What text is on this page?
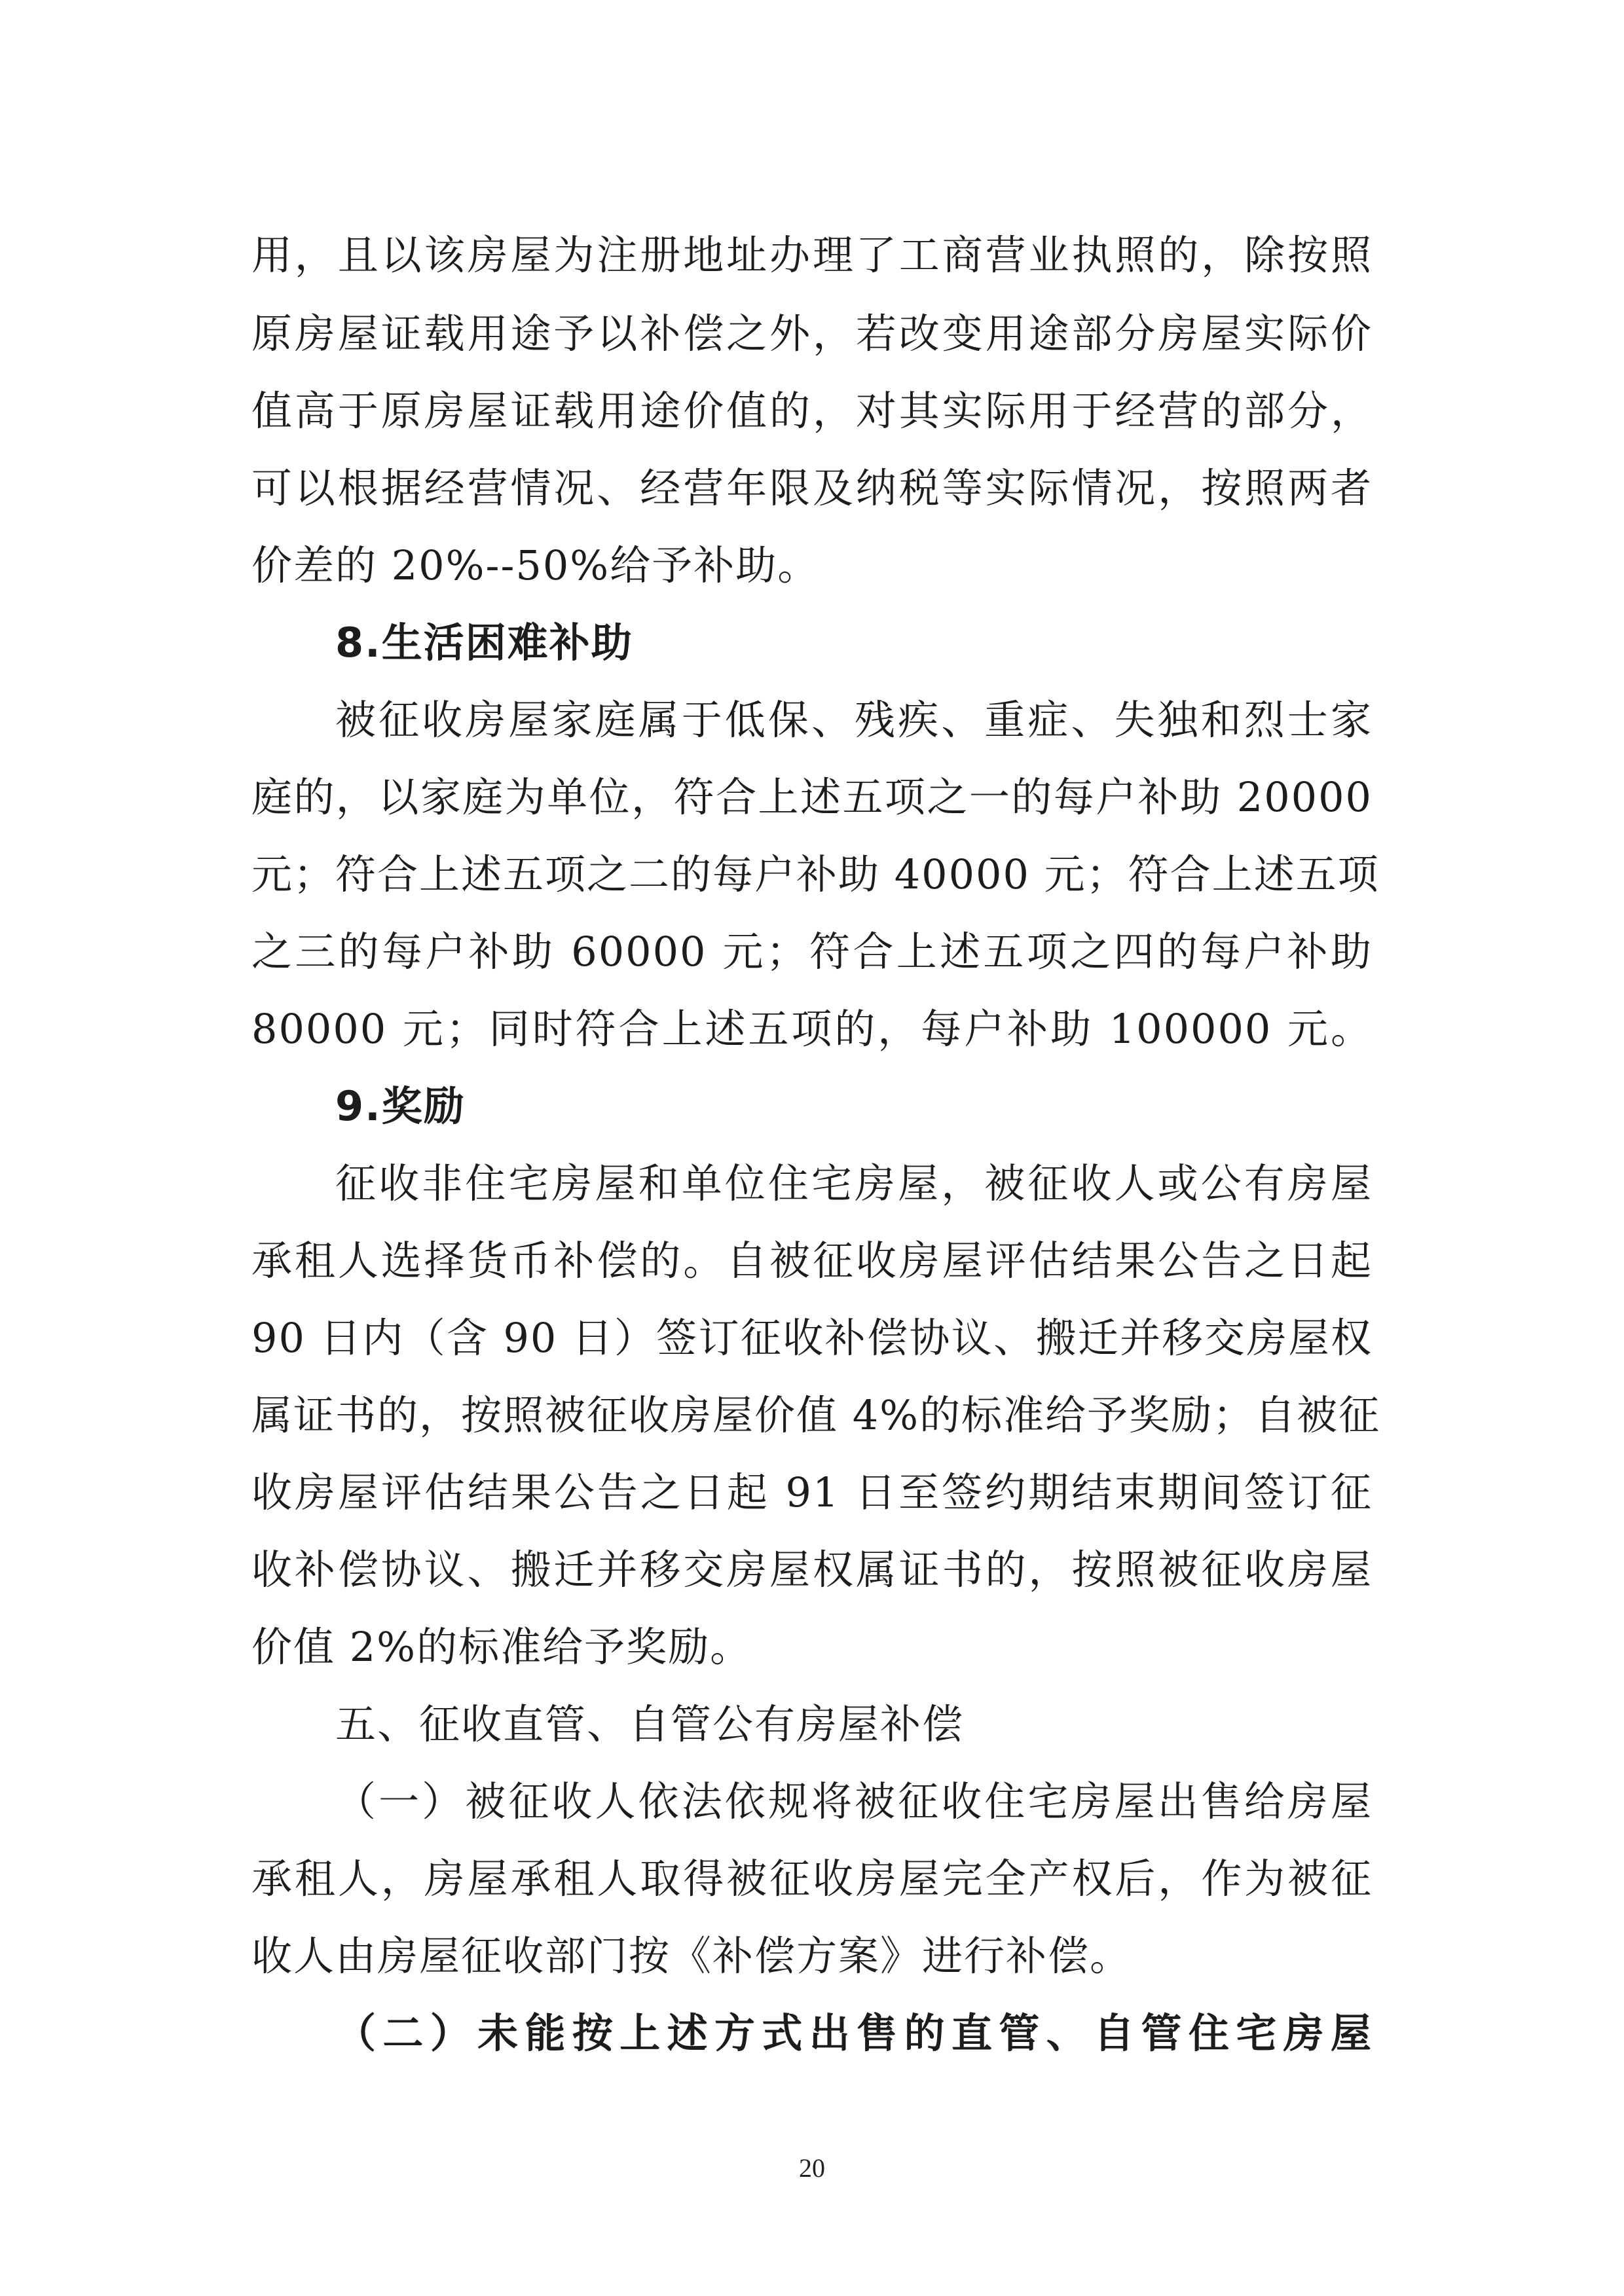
用，且以该房屋为注册地址办理了工商营业执照的，除按照

原房屋证载用途予以补偿之外，若改变用途部分房屋实际价

值高于原房屋证载用途价值的，对其实际用于经营的部分，

可以根据经营情况、经营年限及纳税等实际情况，按照两者

价差的 20%--50%给予补助。

8.生活困难补助

被征收房屋家庭属于低保、残疾、重症、失独和烈士家

庭的，以家庭为单位，符合上述五项之一的每户补助 20000

元；符合上述五项之二的每户补助 40000 元；符合上述五项

之三的每户补助 60000 元；符合上述五项之四的每户补助

80000 元；同时符合上述五项的，每户补助 100000 元。

9.奖励

征收非住宅房屋和单位住宅房屋，被征收人或公有房屋

承租人选择货币补偿的。自被征收房屋评估结果公告之日起

90 日内（含 90 日）签订征收补偿协议、搬迁并移交房屋权

属证书的，按照被征收房屋价值 4%的标准给予奖励；自被征

收房屋评估结果公告之日起 91 日至签约期结束期间签订征

收补偿协议、搬迁并移交房屋权属证书的，按照被征收房屋

价值 2%的标准给予奖励。

五、征收直管、自管公有房屋补偿

（一）被征收人依法依规将被征收住宅房屋出售给房屋

承租人，房屋承租人取得被征收房屋完全产权后，作为被征

收人由房屋征收部门按《补偿方案》进行补偿。

（二）未能按上述方式出售的直管、自管住宅房屋

20
